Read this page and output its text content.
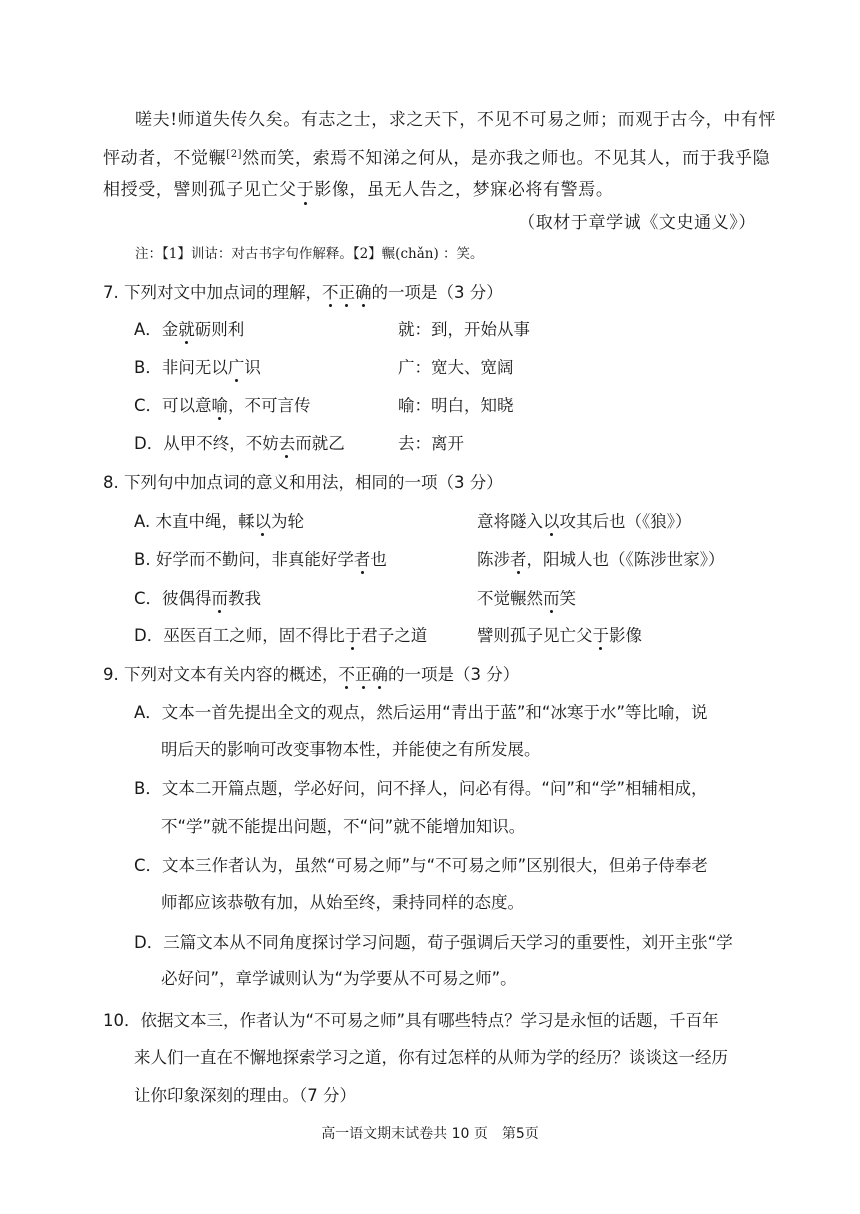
嗟夫!师道失传久矣。有志之士，求之天下，不见不可易之师；而观于古今，中有怦
怦动者，不觉冁[2]然而笑，索焉不知涕之何从，是亦我之师也。不见其人，而于我乎隐
相授受，譬则孤子见亡父于影像，虽无人告之，梦寐必将有警焉。
（取材于章学诚《文史通义》）
注：【1】训诂：对古书字句作解释。【2】冁(chǎn) ：笑。
7. 下列对文中加点词的理解，不正确的一项是（3 分）
A．金就砺则利	就：到，开始从事
B．非问无以广识	广：宽大、宽阔
C．可以意喻，不可言传	喻：明白，知晓
D．从甲不终，不妨去而就乙	去：离开
8. 下列句中加点词的意义和用法，相同的一项（3 分）
A. 木直中绳，輮以为轮	意将隧入以攻其后也（《狼》）
B. 好学而不勤问，非真能好学者也	陈涉者，阳城人也（《陈涉世家》）
C．彼偶得而教我	不觉冁然而笑
D．巫医百工之师，固不得比于君子之道	譬则孤子见亡父于影像
9. 下列对文本有关内容的概述，不正确的一项是（3 分）
A．文本一首先提出全文的观点，然后运用“青出于蓝”和“冰寒于水”等比喻，说
明后天的影响可改变事物本性，并能使之有所发展。
B．文本二开篇点题，学必好问，问不择人，问必有得。“问”和“学”相辅相成，
不“学”就不能提出问题，不“问”就不能增加知识。
C．文本三作者认为，虽然“可易之师”与“不可易之师”区别很大，但弟子侍奉老
师都应该恭敬有加，从始至终，秉持同样的态度。
D．三篇文本从不同角度探讨学习问题，荀子强调后天学习的重要性，刘开主张“学
必好问”，章学诚则认为“为学要从不可易之师”。
10．依据文本三，作者认为“不可易之师”具有哪些特点？学习是永恒的话题，千百年
来人们一直在不懈地探索学习之道，你有过怎样的从师为学的经历？谈谈这一经历
让你印象深刻的理由。（7 分）
高一语文期末试卷共 10 页　第5页
